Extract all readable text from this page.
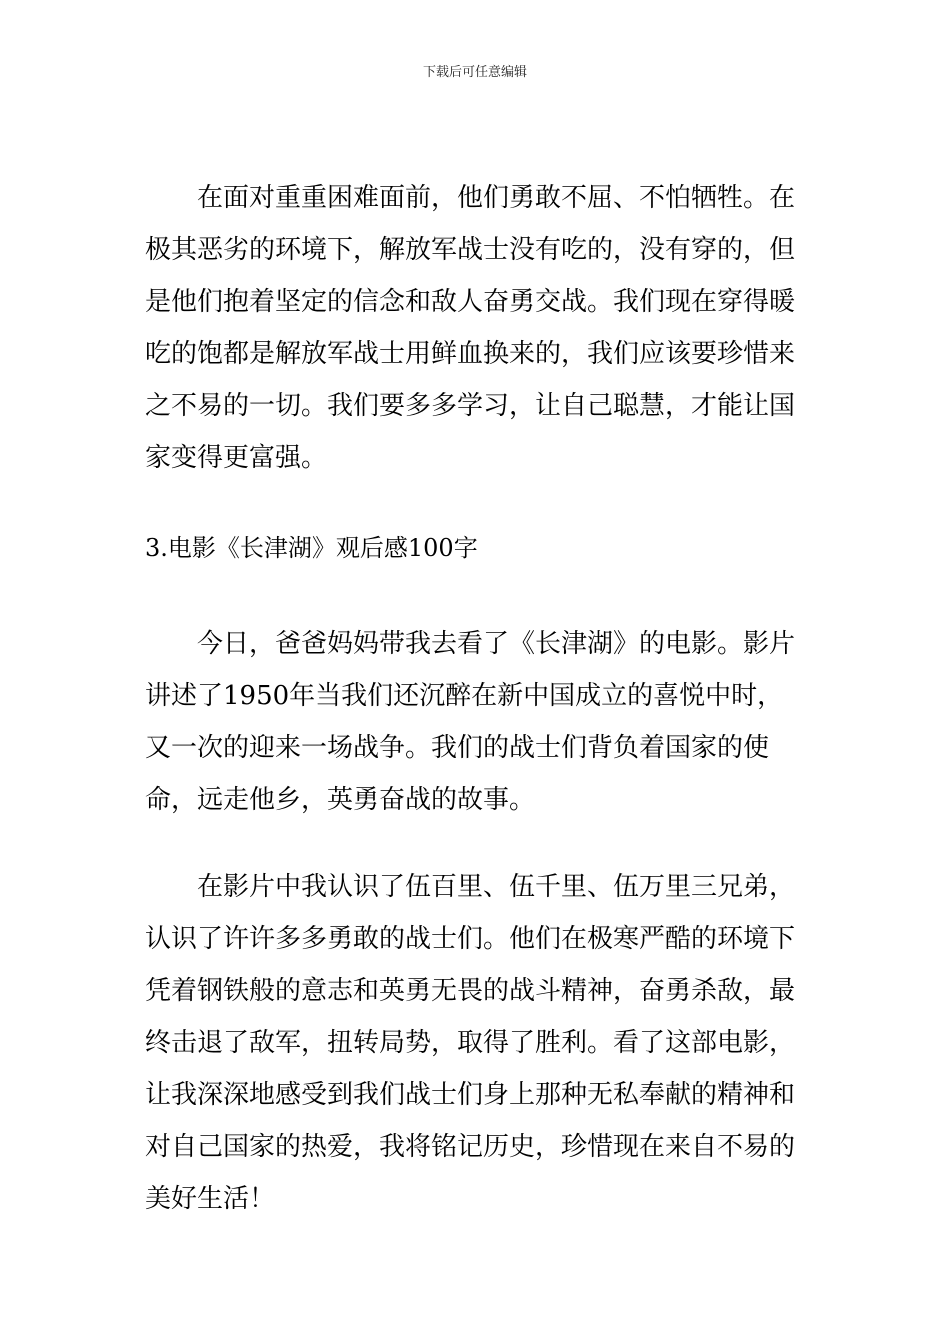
下载后可任意编辑

在面对重重困难面前，他们勇敢不屈、不怕牺牲。在极其恶劣的环境下，解放军战士没有吃的，没有穿的，但是他们抱着坚定的信念和敌人奋勇交战。我们现在穿得暖吃的饱都是解放军战士用鲜血换来的，我们应该要珍惜来之不易的一切。我们要多多学习，让自己聪慧，才能让国家变得更富强。

3.电影《长津湖》观后感100字

今日，爸爸妈妈带我去看了《长津湖》的电影。影片讲述了1950年当我们还沉醉在新中国成立的喜悦中时，又一次的迎来一场战争。我们的战士们背负着国家的使命，远走他乡，英勇奋战的故事。

在影片中我认识了伍百里、伍千里、伍万里三兄弟，认识了许许多多勇敢的战士们。他们在极寒严酷的环境下凭着钢铁般的意志和英勇无畏的战斗精神，奋勇杀敌，最终击退了敌军，扭转局势，取得了胜利。看了这部电影，让我深深地感受到我们战士们身上那种无私奉献的精神和对自己国家的热爱，我将铭记历史，珍惜现在来自不易的美好生活！
